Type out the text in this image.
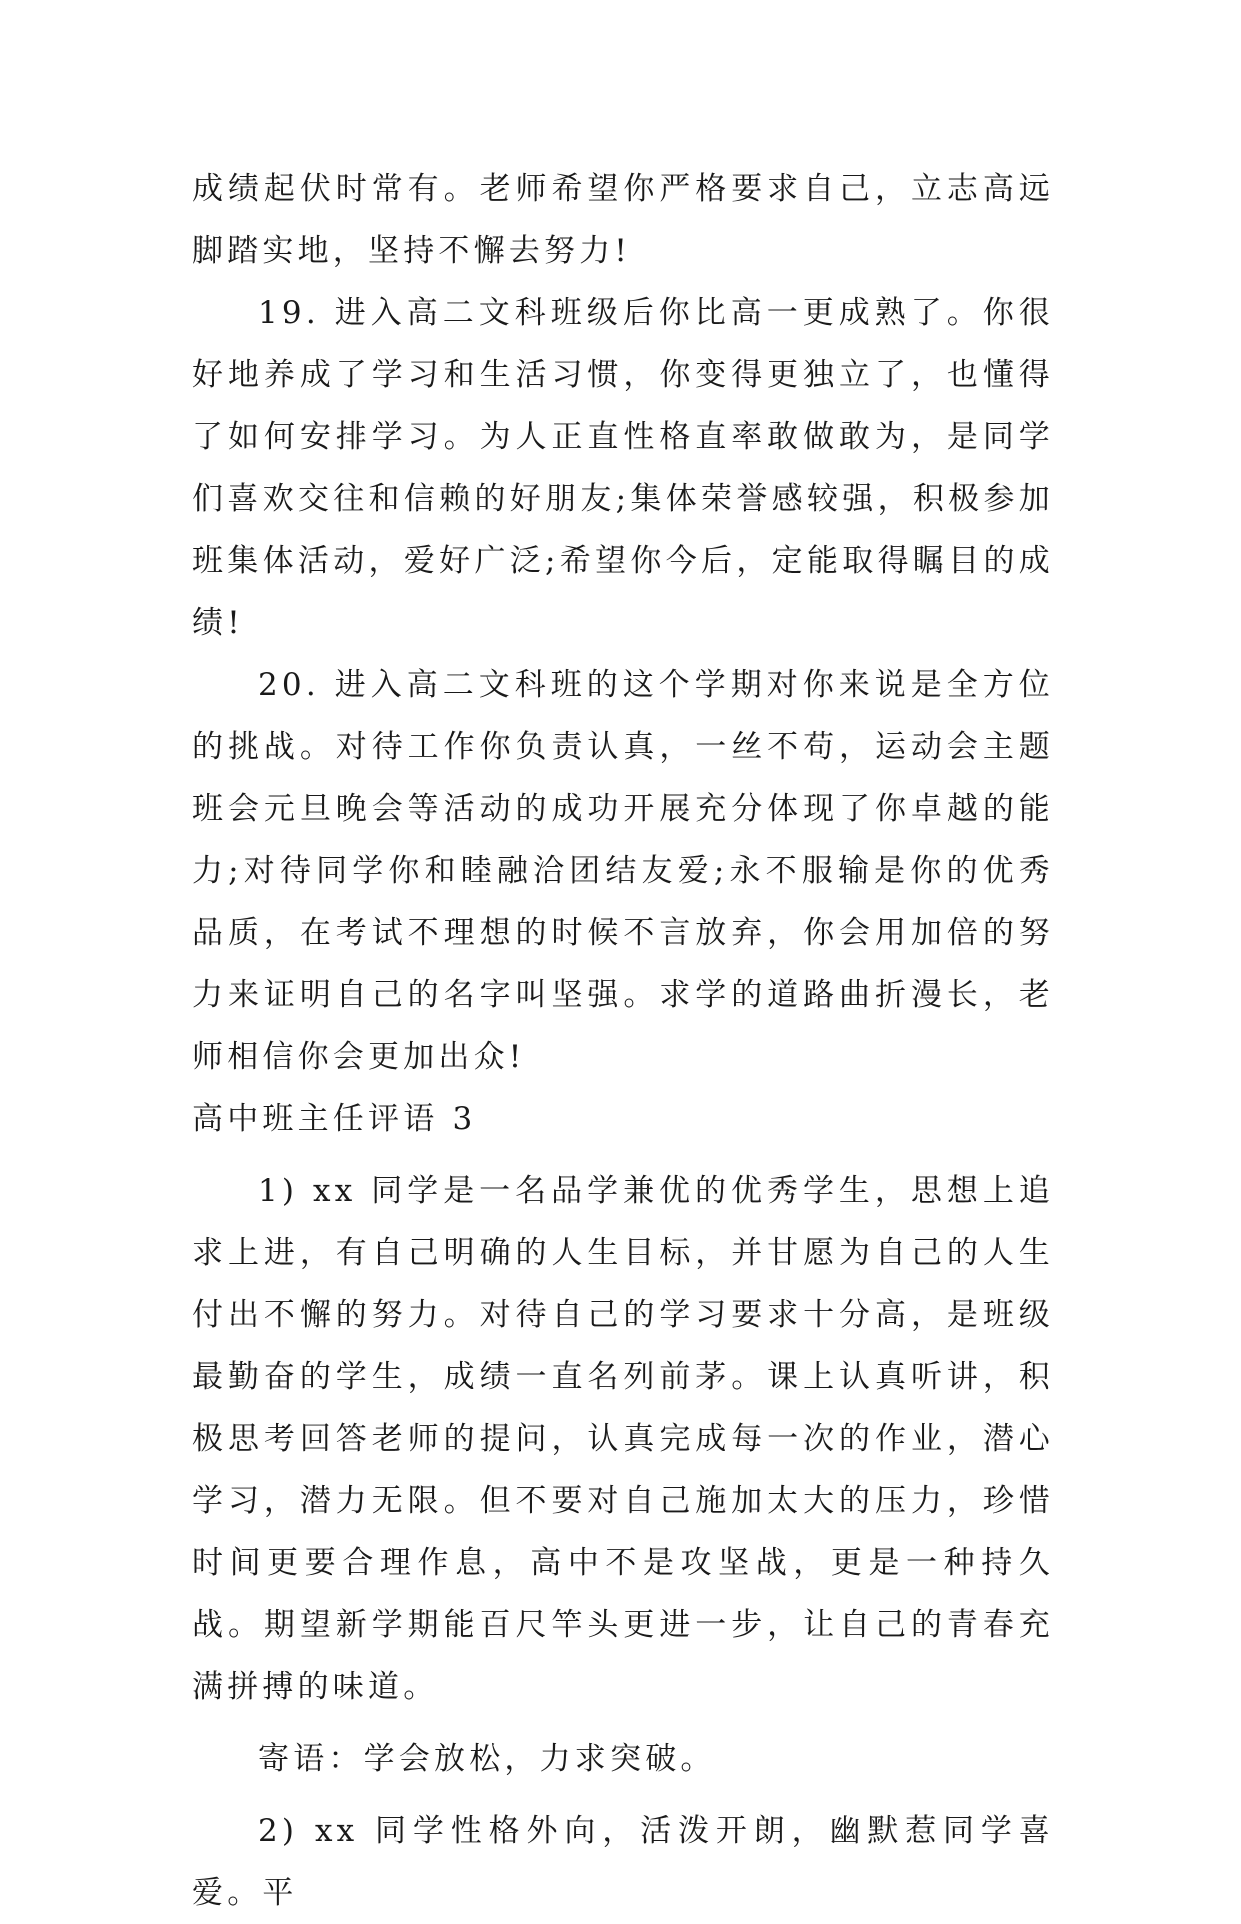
成绩起伏时常有。老师希望你严格要求自己，立志高远脚踏实地，坚持不懈去努力!

19. 进入高二文科班级后你比高一更成熟了。你很好地养成了学习和生活习惯，你变得更独立了，也懂得了如何安排学习。为人正直性格直率敢做敢为，是同学们喜欢交往和信赖的好朋友;集体荣誉感较强，积极参加班集体活动，爱好广泛;希望你今后，定能取得瞩目的成绩!

20. 进入高二文科班的这个学期对你来说是全方位的挑战。对待工作你负责认真，一丝不苟，运动会主题班会元旦晚会等活动的成功开展充分体现了你卓越的能力;对待同学你和睦融洽团结友爱;永不服输是你的优秀品质，在考试不理想的时候不言放弃，你会用加倍的努力来证明自己的名字叫坚强。求学的道路曲折漫长，老师相信你会更加出众!

高中班主任评语 3

1) xx 同学是一名品学兼优的优秀学生，思想上追求上进，有自己明确的人生目标，并甘愿为自己的人生付出不懈的努力。对待自己的学习要求十分高，是班级最勤奋的学生，成绩一直名列前茅。课上认真听讲，积极思考回答老师的提问，认真完成每一次的作业，潜心学习，潜力无限。但不要对自己施加太大的压力，珍惜时间更要合理作息，高中不是攻坚战，更是一种持久战。期望新学期能百尺竿头更进一步，让自己的青春充满拼搏的味道。

寄语：学会放松，力求突破。

2) xx 同学性格外向，活泼开朗，幽默惹同学喜爱。平
